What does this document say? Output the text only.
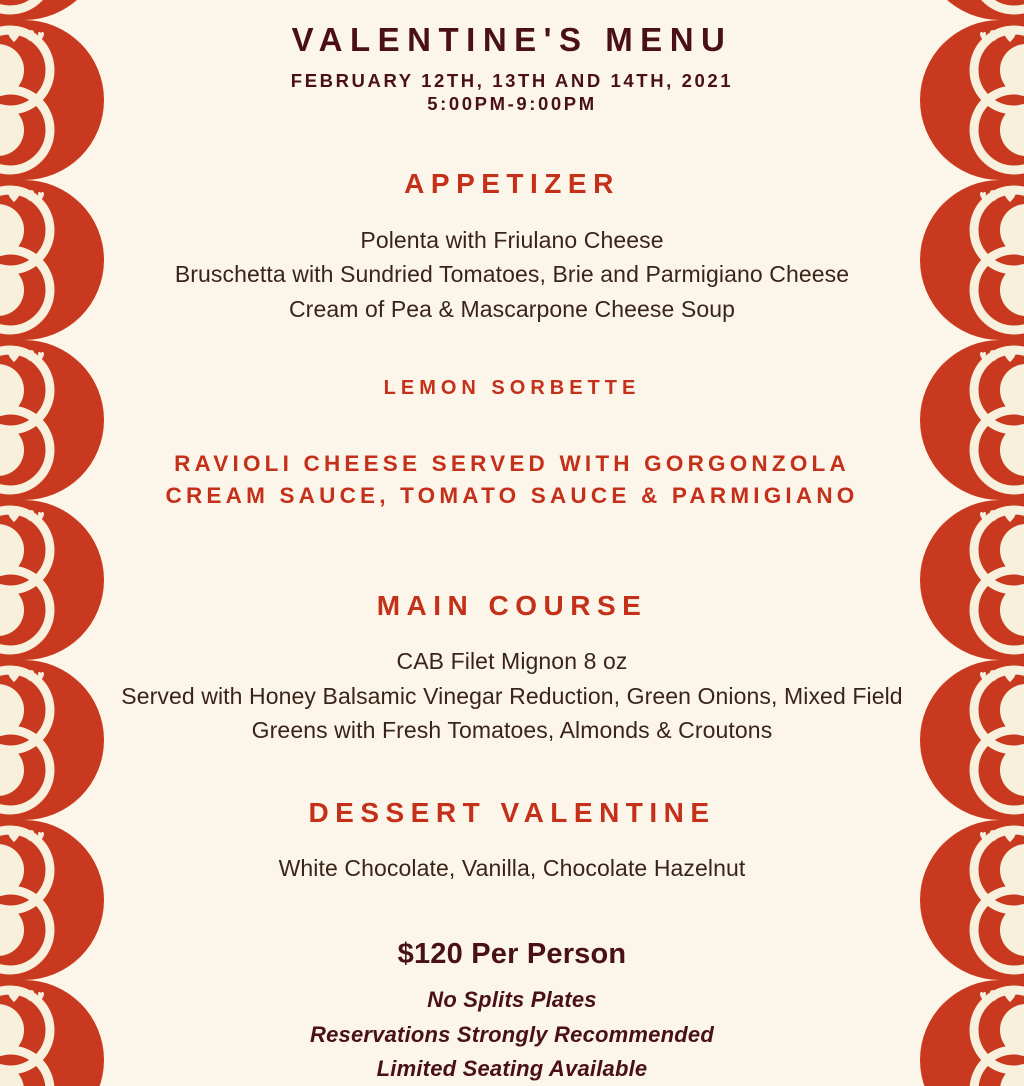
VALENTINE'S MENU

FEBRUARY 12TH, 13TH AND 14TH, 2021

5:00PM-9:00PM

APPETIZER

Polenta with Friulano Cheese

Bruschetta with Sundried Tomatoes, Brie and Parmigiano Cheese

Cream of Pea & Mascarpone Cheese Soup

LEMON SORBETTE
RAVIOLI CHEESE SERVED WITH GORGONZOLA
CREAM SAUCE, TOMATO SAUCE & PARMIGIANO
MAIN COURSE

CAB Filet Mignon 8 oz

Served with Honey Balsamic Vinegar Reduction, Green Onions, Mixed Field

Greens with Fresh Tomatoes, Almonds & Croutons

DESSERT VALENTINE

White Chocolate, Vanilla, Chocolate Hazelnut

$120 Per Person

No Splits Plates

Reservations Strongly Recommended

Limited Seating Available
